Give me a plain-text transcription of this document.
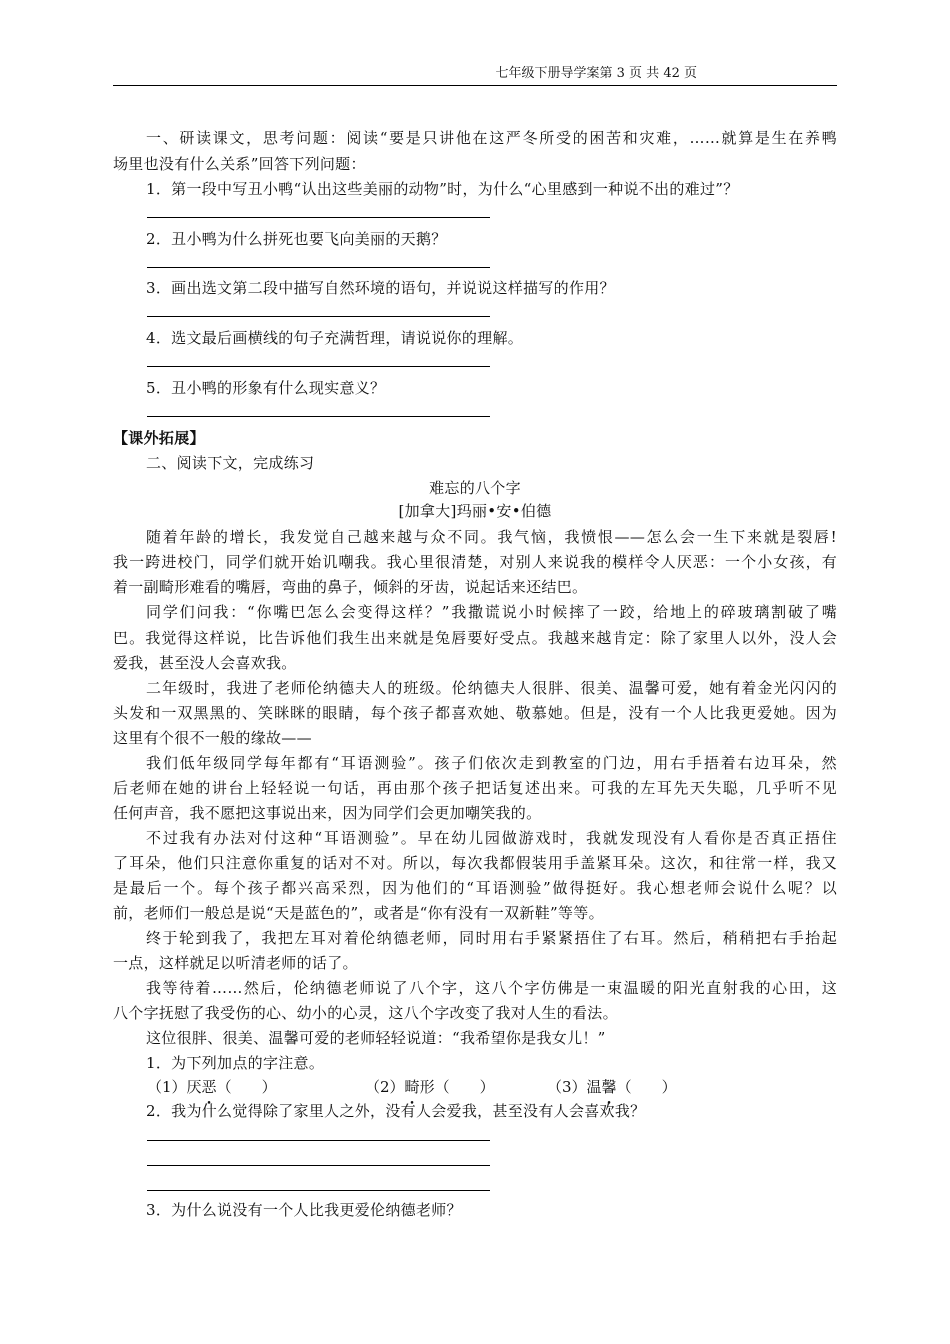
七年级下册导学案第 3 页 共 42 页
一、研读课文，思考问题：阅读“要是只讲他在这严冬所受的困苦和灾难，……就算是生在养鸭
场里也没有什么关系”回答下列问题：
1．第一段中写丑小鸭“认出这些美丽的动物”时，为什么“心里感到一种说不出的难过”？
2．丑小鸭为什么拼死也要飞向美丽的天鹅？
3．画出选文第二段中描写自然环境的语句，并说说这样描写的作用？
4．选文最后画横线的句子充满哲理，请说说你的理解。
5．丑小鸭的形象有什么现实意义？
【课外拓展】
二、阅读下文，完成练习
难忘的八个字
[加拿大]玛丽•安•伯德
随着年龄的增长，我发觉自己越来越与众不同。我气恼，我愤恨——怎么会一生下来就是裂唇!
我一跨进校门，同学们就开始讥嘲我。我心里很清楚，对别人来说我的模样令人厌恶：一个小女孩，有
着一副畸形难看的嘴唇，弯曲的鼻子，倾斜的牙齿，说起话来还结巴。
同学们问我：“你嘴巴怎么会变得这样？”我撒谎说小时候摔了一跤，给地上的碎玻璃割破了嘴
巴。我觉得这样说，比告诉他们我生出来就是兔唇要好受点。我越来越肯定：除了家里人以外，没人会
爱我，甚至没人会喜欢我。
二年级时，我进了老师伦纳德夫人的班级。伦纳德夫人很胖、很美、温馨可爱，她有着金光闪闪的
头发和一双黑黑的、笑眯眯的眼睛，每个孩子都喜欢她、敬慕她。但是，没有一个人比我更爱她。因为
这里有个很不一般的缘故——
我们低年级同学每年都有“耳语测验”。孩子们依次走到教室的门边，用右手捂着右边耳朵，然
后老师在她的讲台上轻轻说一句话，再由那个孩子把话复述出来。可我的左耳先天失聪，几乎听不见
任何声音，我不愿把这事说出来，因为同学们会更加嘲笑我的。
不过我有办法对付这种“耳语测验”。早在幼儿园做游戏时，我就发现没有人看你是否真正捂住
了耳朵，他们只注意你重复的话对不对。所以，每次我都假装用手盖紧耳朵。这次，和往常一样，我又
是最后一个。每个孩子都兴高采烈，因为他们的“耳语测验”做得挺好。我心想老师会说什么呢？以
前，老师们一般总是说“天是蓝色的”，或者是“你有没有一双新鞋”等等。
终于轮到我了，我把左耳对着伦纳德老师，同时用右手紧紧捂住了右耳。然后，稍稍把右手抬起
一点，这样就足以听清老师的话了。
我等待着……然后，伦纳德老师说了八个字，这八个字仿佛是一束温暖的阳光直射我的心田，这
八个字抚慰了我受伤的心、幼小的心灵，这八个字改变了我对人生的看法。
这位很胖、很美、温馨可爱的老师轻轻说道：“我希望你是我女儿！”
1．为下列加点的字注意。
（1）厌恶（　　）	（2）畸形（　　）	（3）温馨（　　）
2．我为什么觉得除了家里人之外，没有人会爱我，甚至没有人会喜欢我？
3．为什么说没有一个人比我更爱伦纳德老师？
